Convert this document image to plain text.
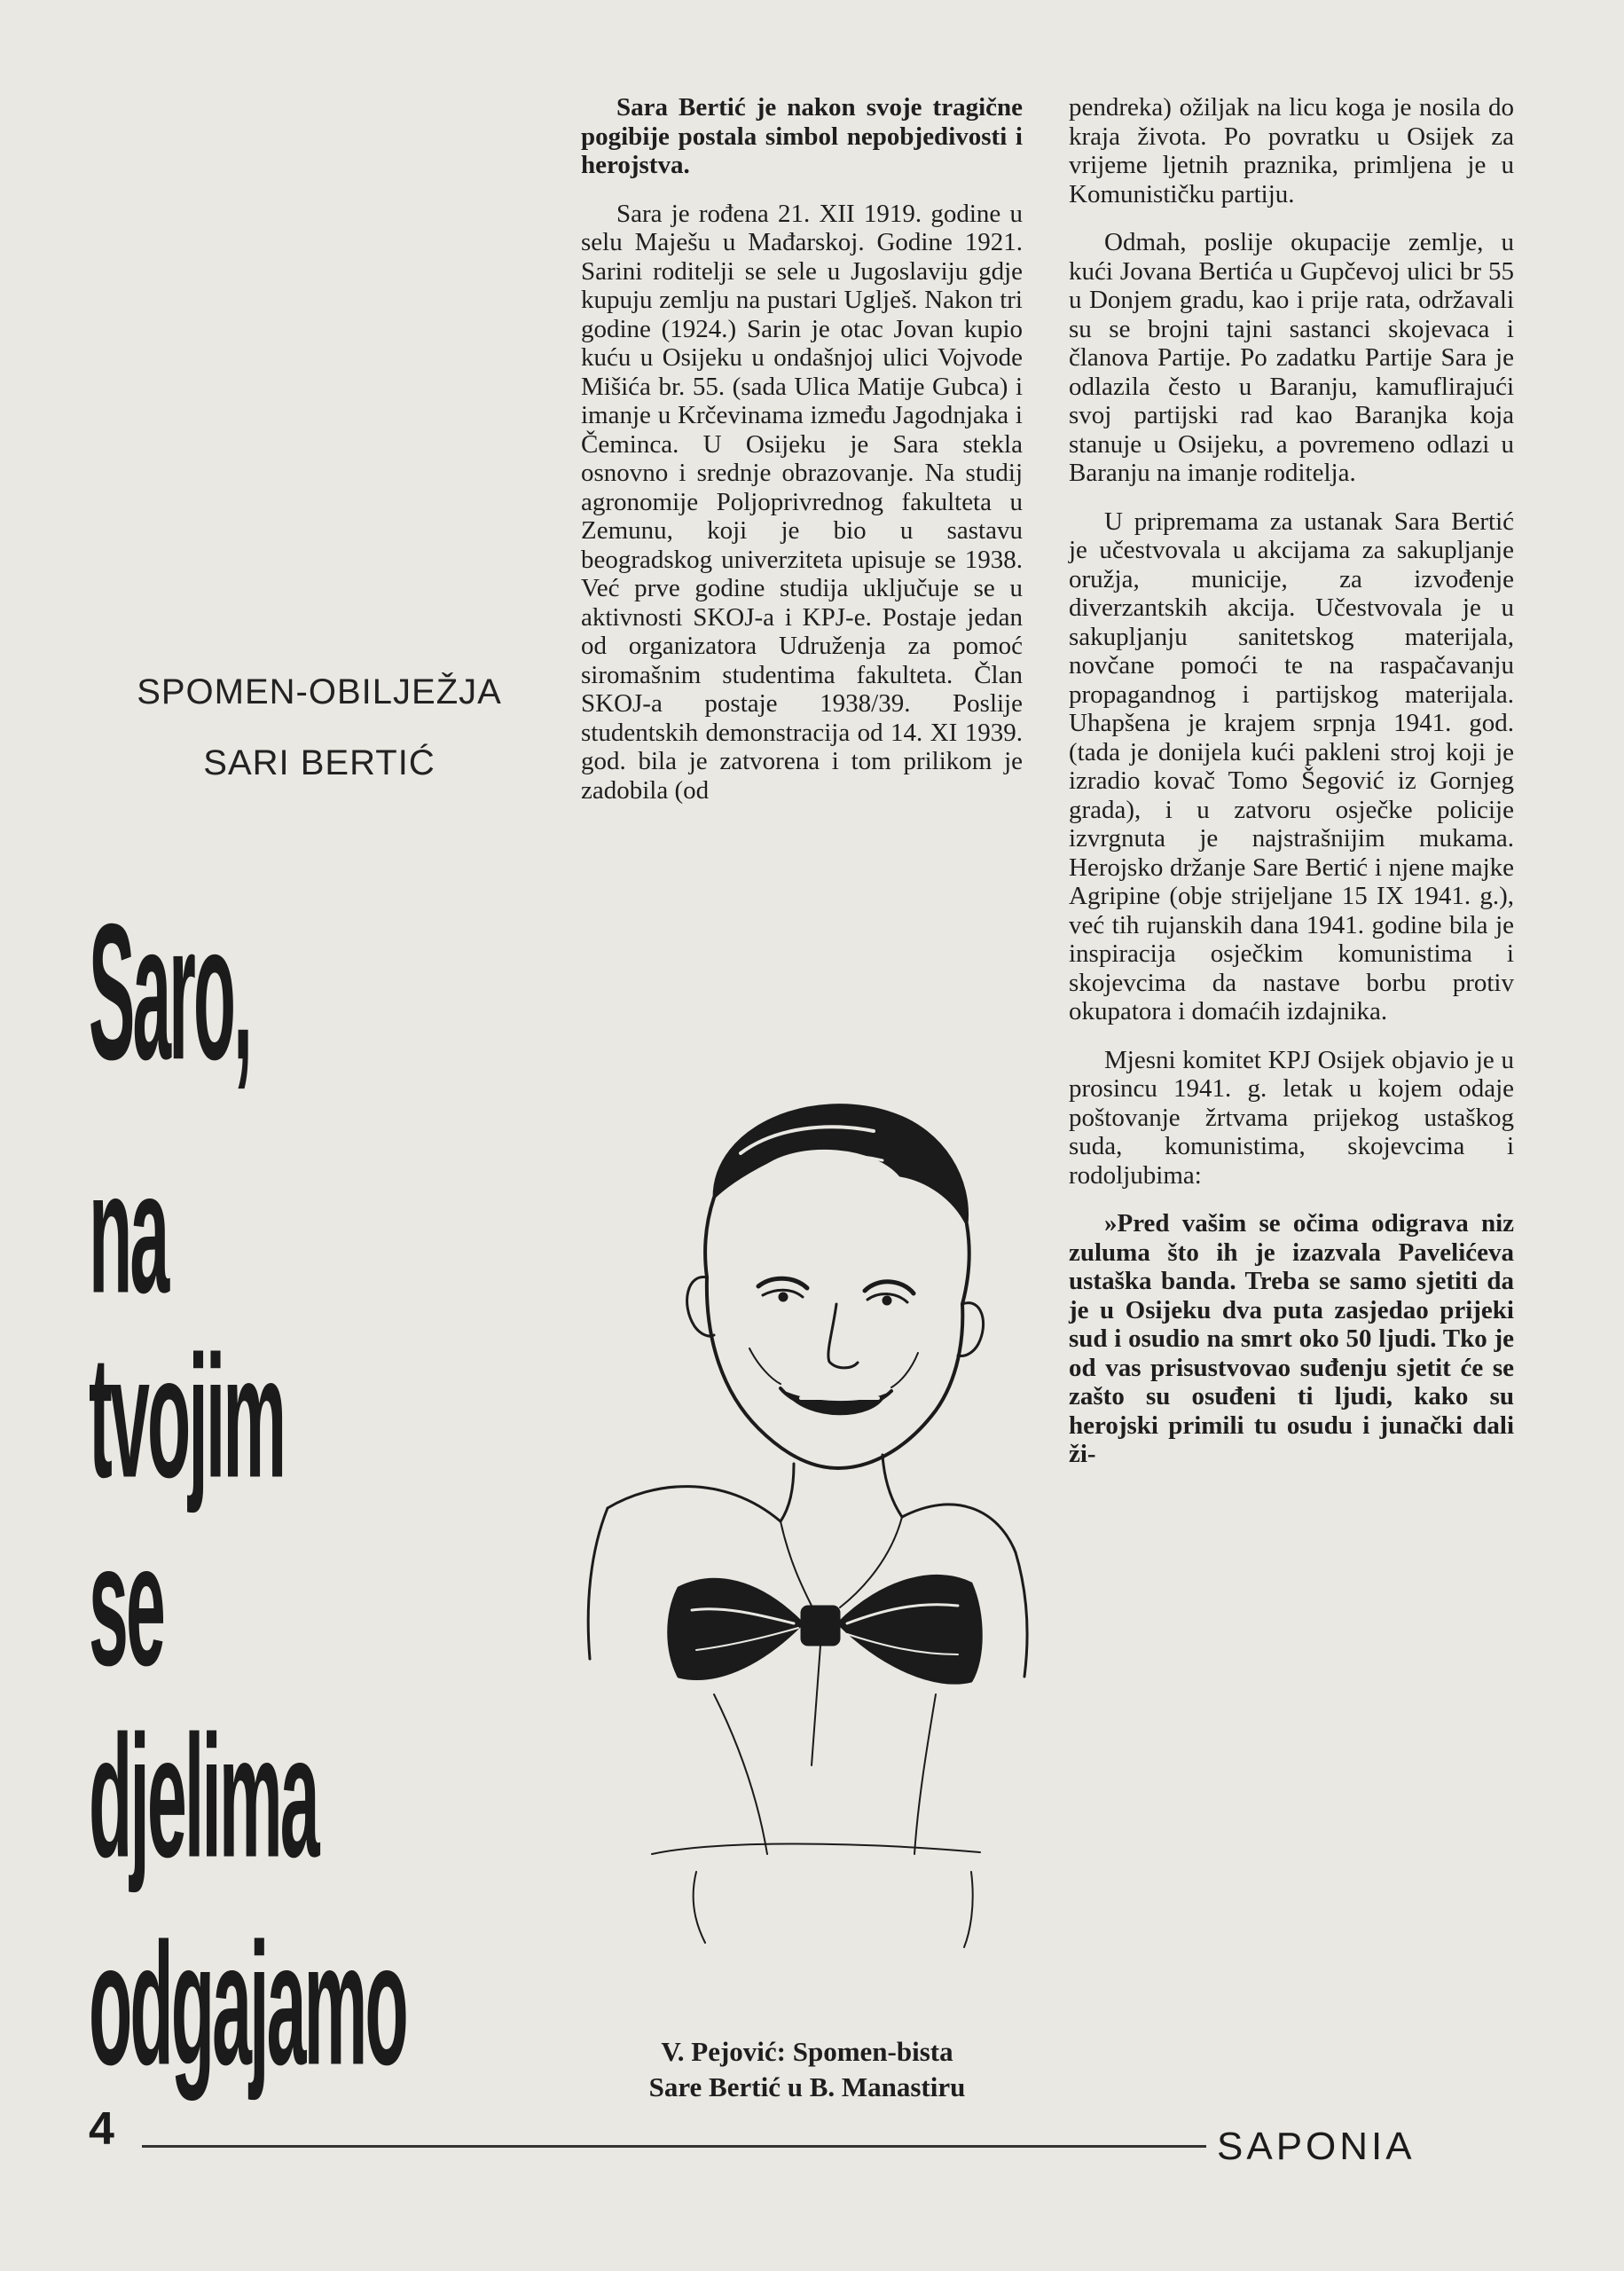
SPOMEN-OBILJEŽJA
SARI BERTIĆ
Saro,
na
tvojim
se
djelima
odgajamo

Sara Bertić je nakon svoje tragične pogibije postala simbol nepobjedivosti i herojstva.

Sara je rođena 21. XII 1919. godine u selu Maješu u Mađarskoj. Godine 1921. Sarini roditelji se sele u Jugoslaviju gdje kupuju zemlju na pustari Uglješ. Nakon tri godine (1924.) Sarin je otac Jovan kupio kuću u Osijeku u ondašnjoj ulici Vojvode Mišića br. 55. (sada Ulica Matije Gubca) i imanje u Krčevinama između Jagodnjaka i Čeminca. U Osijeku je Sara stekla osnovno i srednje obrazovanje. Na studij agronomije Poljoprivrednog fakulteta u Zemunu, koji je bio u sastavu beogradskog univerziteta upisuje se 1938. Već prve godine studija uključuje se u aktivnosti SKOJ-a i KPJ-e. Postaje jedan od organizatora Udruženja za pomoć siromašnim studentima fakulteta. Član SKOJ-a postaje 1938/39. Poslije studentskih demonstracija od 14. XI 1939. god. bila je zatvorena i tom prilikom je zadobila (od

V. Pejović: Spomen-bista
Sare Bertić u B. Manastiru

pendreka) ožiljak na licu koga je nosila do kraja života. Po povratku u Osijek za vrijeme ljetnih praznika, primljena je u Komunističku partiju.

Odmah, poslije okupacije zemlje, u kući Jovana Bertića u Gupčevoj ulici br 55 u Donjem gradu, kao i prije rata, održavali su se brojni tajni sastanci skojevaca i članova Partije. Po zadatku Partije Sara je odlazila često u Baranju, kamuflirajući svoj partijski rad kao Baranjka koja stanuje u Osijeku, a povremeno odlazi u Baranju na imanje roditelja.

U pripremama za ustanak Sara Bertić je učestvovala u akcijama za sakupljanje oružja, municije, za izvođenje diverzantskih akcija. Učestvovala je u sakupljanju sanitetskog materijala, novčane pomoći te na raspačavanju propagandnog i partijskog materijala. Uhapšena je krajem srpnja 1941. god. (tada je donijela kući pakleni stroj koji je izradio kovač Tomo Šegović iz Gornjeg grada), i u zatvoru osječke policije izvrgnuta je najstrašnijim mukama. Herojsko držanje Sare Bertić i njene majke Agripine (obje strijeljane 15 IX 1941. g.), već tih rujanskih dana 1941. godine bila je inspiracija osječkim komunistima i skojevcima da nastave borbu protiv okupatora i domaćih izdajnika.

Mjesni komitet KPJ Osijek objavio je u prosincu 1941. g. letak u kojem odaje poštovanje žrtvama prijekog ustaškog suda, komunistima, skojevcima i rodoljubima:

»Pred vašim se očima odigrava niz zuluma što ih je izazvala Pavelićeva ustaška banda. Treba se samo sjetiti da je u Osijeku dva puta zasjedao prijeki sud i osudio na smrt oko 50 ljudi. Tko je od vas prisustvovao suđenju sjetit će se zašto su osuđeni ti ljudi, kako su herojski primili tu osudu i junački dali ži-

4	SAPONIA
